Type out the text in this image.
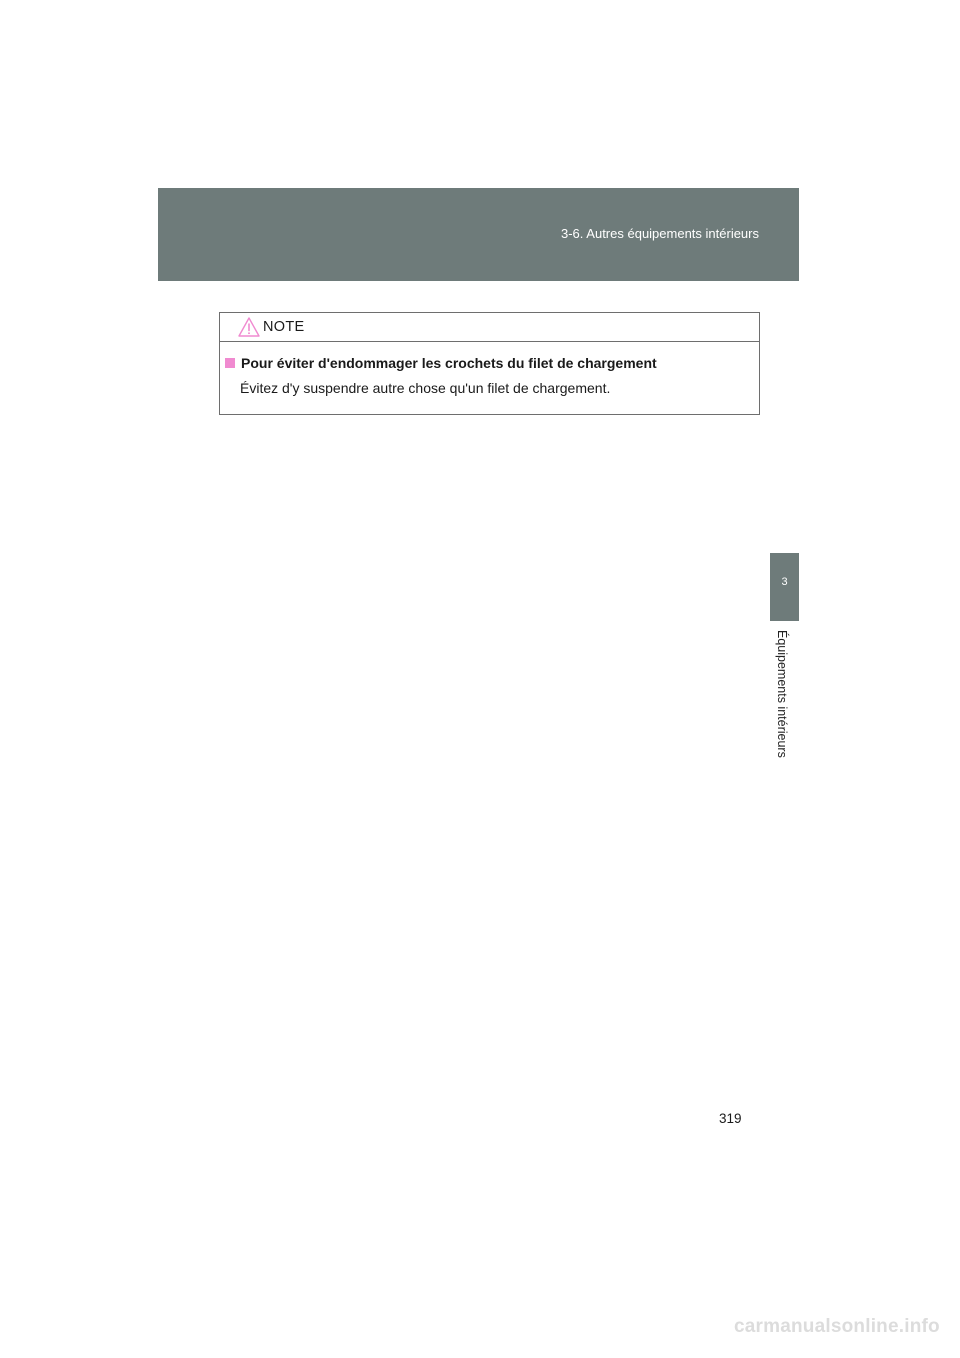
3-6. Autres équipements intérieurs
3
Équipements intérieurs
NOTE
Pour éviter d'endommager les crochets du filet de chargement
Évitez d'y suspendre autre chose qu'un filet de chargement.
319
carmanualsonline.info
